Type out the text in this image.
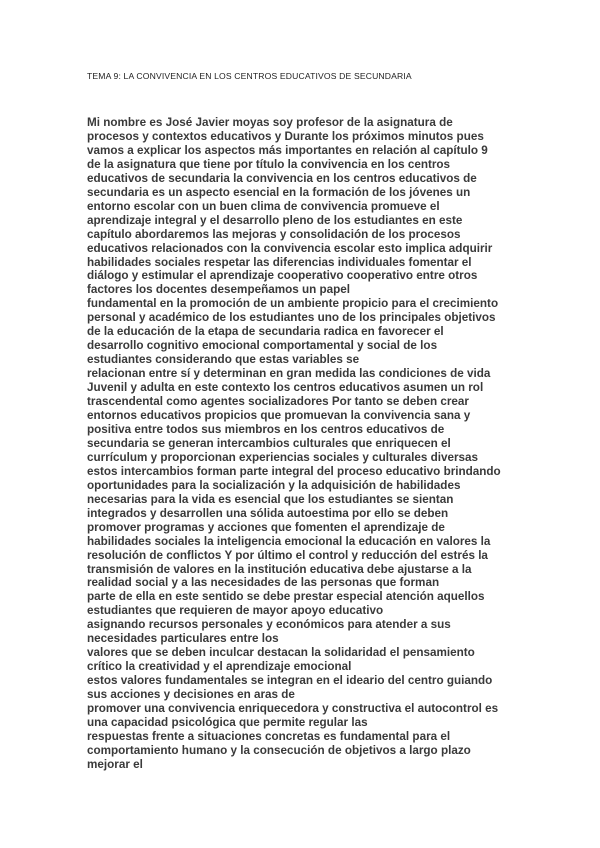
TEMA 9: LA CONVIVENCIA EN LOS CENTROS EDUCATIVOS DE SECUNDARIA
Mi nombre es José Javier moyas soy profesor de la asignatura de
procesos y contextos educativos y Durante los próximos minutos pues
vamos a explicar los aspectos más importantes en relación al capítulo 9
de la asignatura que tiene por título la convivencia en los centros
educativos de secundaria la convivencia en los centros educativos de
secundaria es un aspecto esencial en la formación de los jóvenes un
entorno escolar con un buen clima de convivencia promueve el
aprendizaje integral y el desarrollo pleno de los estudiantes en este
capítulo abordaremos las mejoras y consolidación de los procesos
educativos relacionados con la convivencia escolar esto implica adquirir
habilidades sociales respetar las diferencias individuales fomentar el
diálogo y estimular el aprendizaje cooperativo cooperativo entre otros
factores los docentes desempeñamos un papel
fundamental en la promoción de un ambiente propicio para el crecimiento
personal y académico de los estudiantes uno de los principales objetivos
de la educación de la etapa de secundaria radica en favorecer el
desarrollo cognitivo emocional comportamental y social de los
estudiantes considerando que estas variables se
relacionan entre sí y determinan en gran medida las condiciones de vida
Juvenil y adulta en este contexto los centros educativos asumen un rol
trascendental como agentes socializadores Por tanto se deben crear
entornos educativos propicios que promuevan la convivencia sana y
positiva entre todos sus miembros en los centros educativos de
secundaria se generan intercambios culturales que enriquecen el
currículum y proporcionan experiencias sociales y culturales diversas
estos intercambios forman parte integral del proceso educativo brindando
oportunidades para la socialización y la adquisición de habilidades
necesarias para la vida es esencial que los estudiantes se sientan
integrados y desarrollen una sólida autoestima por ello se deben
promover programas y acciones que fomenten el aprendizaje de
habilidades sociales la inteligencia emocional la educación en valores la
resolución de conflictos Y por último el control y reducción del estrés la
transmisión de valores en la institución educativa debe ajustarse a la
realidad social y a las necesidades de las personas que forman
parte de ella en este sentido se debe prestar especial atención aquellos
estudiantes que requieren de mayor apoyo educativo
asignando recursos personales y económicos para atender a sus
necesidades particulares entre los
valores que se deben inculcar destacan la solidaridad el pensamiento
crítico la creatividad y el aprendizaje emocional
estos valores fundamentales se integran en el ideario del centro guiando
sus acciones y decisiones en aras de
promover una convivencia enriquecedora y constructiva el autocontrol es
una capacidad psicológica que permite regular las
respuestas frente a situaciones concretas es fundamental para el
comportamiento humano y la consecución de objetivos a largo plazo
mejorar el
